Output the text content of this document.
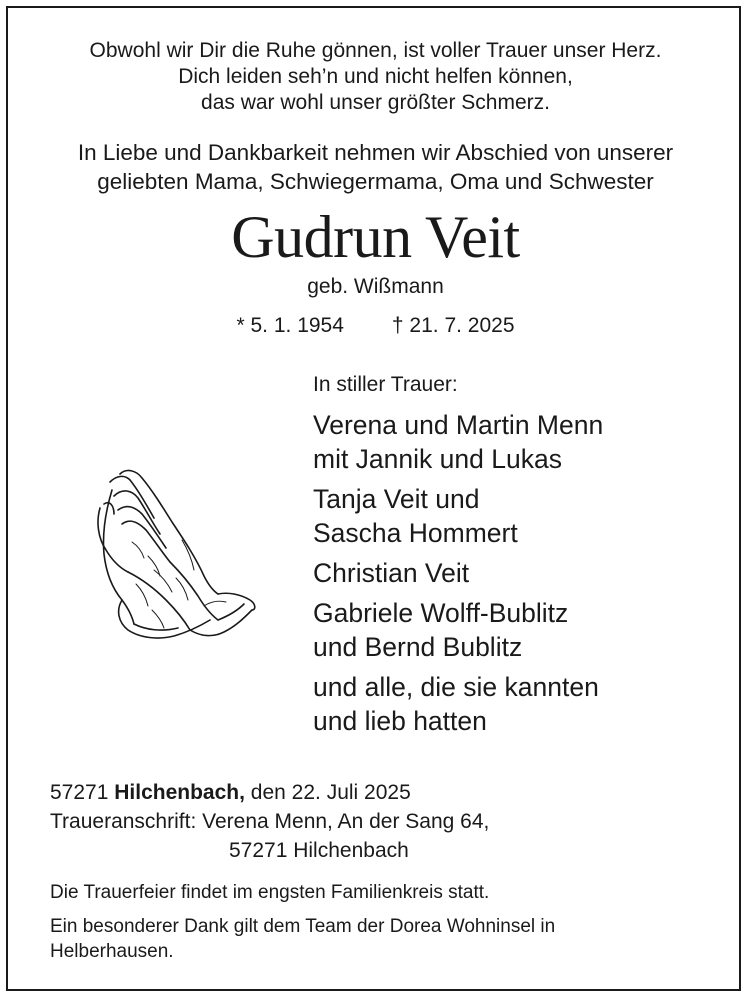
Obwohl wir Dir die Ruhe gönnen, ist voller Trauer unser Herz.
Dich leiden seh’n und nicht helfen können,
das war wohl unser größter Schmerz.
In Liebe und Dankbarkeit nehmen wir Abschied von unserer
geliebten Mama, Schwiegermama, Oma und Schwester
Gudrun Veit
geb. Wißmann
* 5. 1. 1954 † 21. 7. 2025
In stiller Trauer:
Verena und Martin Menn
mit Jannik und Lukas
Tanja Veit und
Sascha Hommert
Christian Veit
Gabriele Wolff-Bublitz
und Bernd Bublitz
und alle, die sie kannten
und lieb hatten
57271 Hilchenbach, den 22. Juli 2025
Traueranschrift: Verena Menn, An der Sang 64,
57271 Hilchenbach
Die Trauerfeier findet im engsten Familienkreis statt.
Ein besonderer Dank gilt dem Team der Dorea Wohninsel in Helberhausen.
